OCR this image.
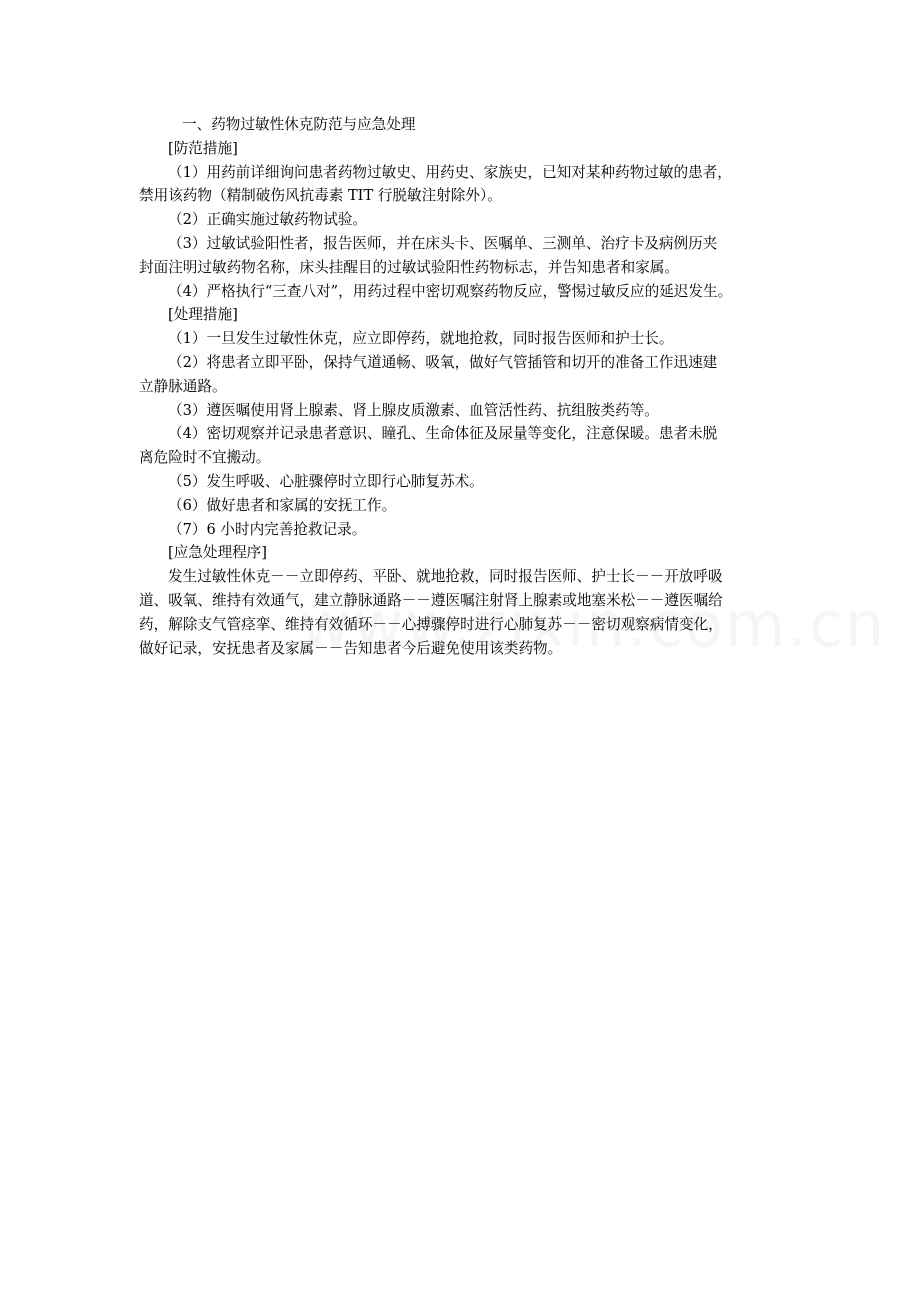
一、药物过敏性休克防范与应急处理

[防范措施]

（1）用药前详细询问患者药物过敏史、用药史、家族史，已知对某种药物过敏的患者，

禁用该药物（精制破伤风抗毒素 TIT 行脱敏注射除外）。

（2）正确实施过敏药物试验。

（3）过敏试验阳性者，报告医师，并在床头卡、医嘱单、三测单、治疗卡及病例历夹

封面注明过敏药物名称，床头挂醒目的过敏试验阳性药物标志，并告知患者和家属。

（4）严格执行“三查八对”，用药过程中密切观察药物反应，警惕过敏反应的延迟发生。

[处理措施]

（1）一旦发生过敏性休克，应立即停药，就地抢救，同时报告医师和护士长。

（2）将患者立即平卧，保持气道通畅、吸氧，做好气管插管和切开的准备工作迅速建

立静脉通路。

（3）遵医嘱使用肾上腺素、肾上腺皮质激素、血管活性药、抗组胺类药等。

（4）密切观察并记录患者意识、瞳孔、生命体征及尿量等变化，注意保暖。患者未脱

离危险时不宜搬动。

（5）发生呼吸、心脏骤停时立即行心肺复苏术。

（6）做好患者和家属的安抚工作。

（7）6 小时内完善抢救记录。

[应急处理程序]

发生过敏性休克－－立即停药、平卧、就地抢救，同时报告医师、护士长－－开放呼吸

道、吸氧、维持有效通气，建立静脉通路－－遵医嘱注射肾上腺素或地塞米松－－遵医嘱给

药，解除支气管痉挛、维持有效循环－－心搏骤停时进行心肺复苏－－密切观察病情变化，

做好记录，安抚患者及家属－－告知患者今后避免使用该类药物。
